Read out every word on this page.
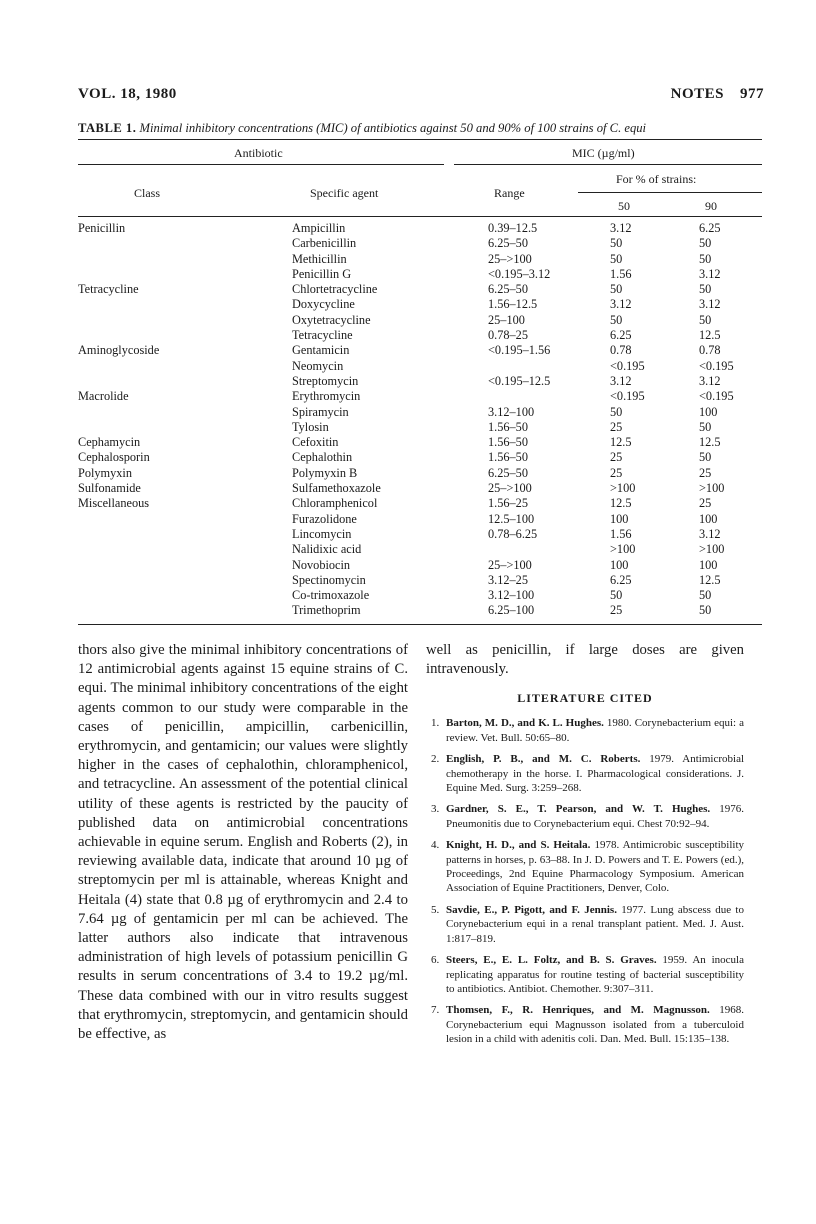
VOL. 18, 1980	NOTES 977
TABLE 1. Minimal inhibitory concentrations (MIC) of antibiotics against 50 and 90% of 100 strains of C. equi
Antibiotic	MIC (µg/ml)
Class	Specific agent	Range
For % of strains:
50	90
Penicillin	Ampicillin	0.39–12.5	3.12	6.25
	Carbenicillin	6.25–50	50	50
	Methicillin	25–>100	50	50
	Penicillin G	<0.195–3.12	1.56	3.12
Tetracycline	Chlortetracycline	6.25–50	50	50
	Doxycycline	1.56–12.5	3.12	3.12
	Oxytetracycline	25–100	50	50
	Tetracycline	0.78–25	6.25	12.5
Aminoglycoside	Gentamicin	<0.195–1.56	0.78	0.78
	Neomycin		<0.195	<0.195
	Streptomycin	<0.195–12.5	3.12	3.12
Macrolide	Erythromycin		<0.195	<0.195
	Spiramycin	3.12–100	50	100
	Tylosin	1.56–50	25	50
Cephamycin	Cefoxitin	1.56–50	12.5	12.5
Cephalosporin	Cephalothin	1.56–50	25	50
Polymyxin	Polymyxin B	6.25–50	25	25
Sulfonamide	Sulfamethoxazole	25–>100	>100	>100
Miscellaneous	Chloramphenicol	1.56–25	12.5	25
	Furazolidone	12.5–100	100	100
	Lincomycin	0.78–6.25	1.56	3.12
	Nalidixic acid		>100	>100
	Novobiocin	25–>100	100	100
	Spectinomycin	3.12–25	6.25	12.5
	Co-trimoxazole	3.12–100	50	50
	Trimethoprim	6.25–100	25	50

thors also give the minimal inhibitory concentrations of 12 antimicrobial agents against 15 equine strains of C. equi. The minimal inhibitory concentrations of the eight agents common to our study were comparable in the cases of penicillin, ampicillin, carbenicillin, erythromycin, and gentamicin; our values were slightly higher in the cases of cephalothin, chloramphenicol, and tetracycline. An assessment of the potential clinical utility of these agents is restricted by the paucity of published data on antimicrobial concentrations achievable in equine serum. English and Roberts (2), in reviewing available data, indicate that around 10 µg of streptomycin per ml is attainable, whereas Knight and Heitala (4) state that 0.8 µg of erythromycin and 2.4 to 7.64 µg of gentamicin per ml can be achieved. The latter authors also indicate that intravenous administration of high levels of potassium penicillin G results in serum concentrations of 3.4 to 19.2 µg/ml. These data combined with our in vitro results suggest that erythromycin, streptomycin, and gentamicin should be effective, as

well as penicillin, if large doses are given intravenously.
LITERATURE CITED
1. Barton, M. D., and K. L. Hughes. 1980. Corynebacterium equi: a review. Vet. Bull. 50:65–80.
2. English, P. B., and M. C. Roberts. 1979. Antimicrobial chemotherapy in the horse. I. Pharmacological considerations. J. Equine Med. Surg. 3:259–268.
3. Gardner, S. E., T. Pearson, and W. T. Hughes. 1976. Pneumonitis due to Corynebacterium equi. Chest 70:92–94.
4. Knight, H. D., and S. Heitala. 1978. Antimicrobic susceptibility patterns in horses, p. 63–88. In J. D. Powers and T. E. Powers (ed.), Proceedings, 2nd Equine Pharmacology Symposium. American Association of Equine Practitioners, Denver, Colo.
5. Savdie, E., P. Pigott, and F. Jennis. 1977. Lung abscess due to Corynebacterium equi in a renal transplant patient. Med. J. Aust. 1:817–819.
6. Steers, E., E. L. Foltz, and B. S. Graves. 1959. An inocula replicating apparatus for routine testing of bacterial susceptibility to antibiotics. Antibiot. Chemother. 9:307–311.
7. Thomsen, F., R. Henriques, and M. Magnusson. 1968. Corynebacterium equi Magnusson isolated from a tuberculoid lesion in a child with adenitis coli. Dan. Med. Bull. 15:135–138.
